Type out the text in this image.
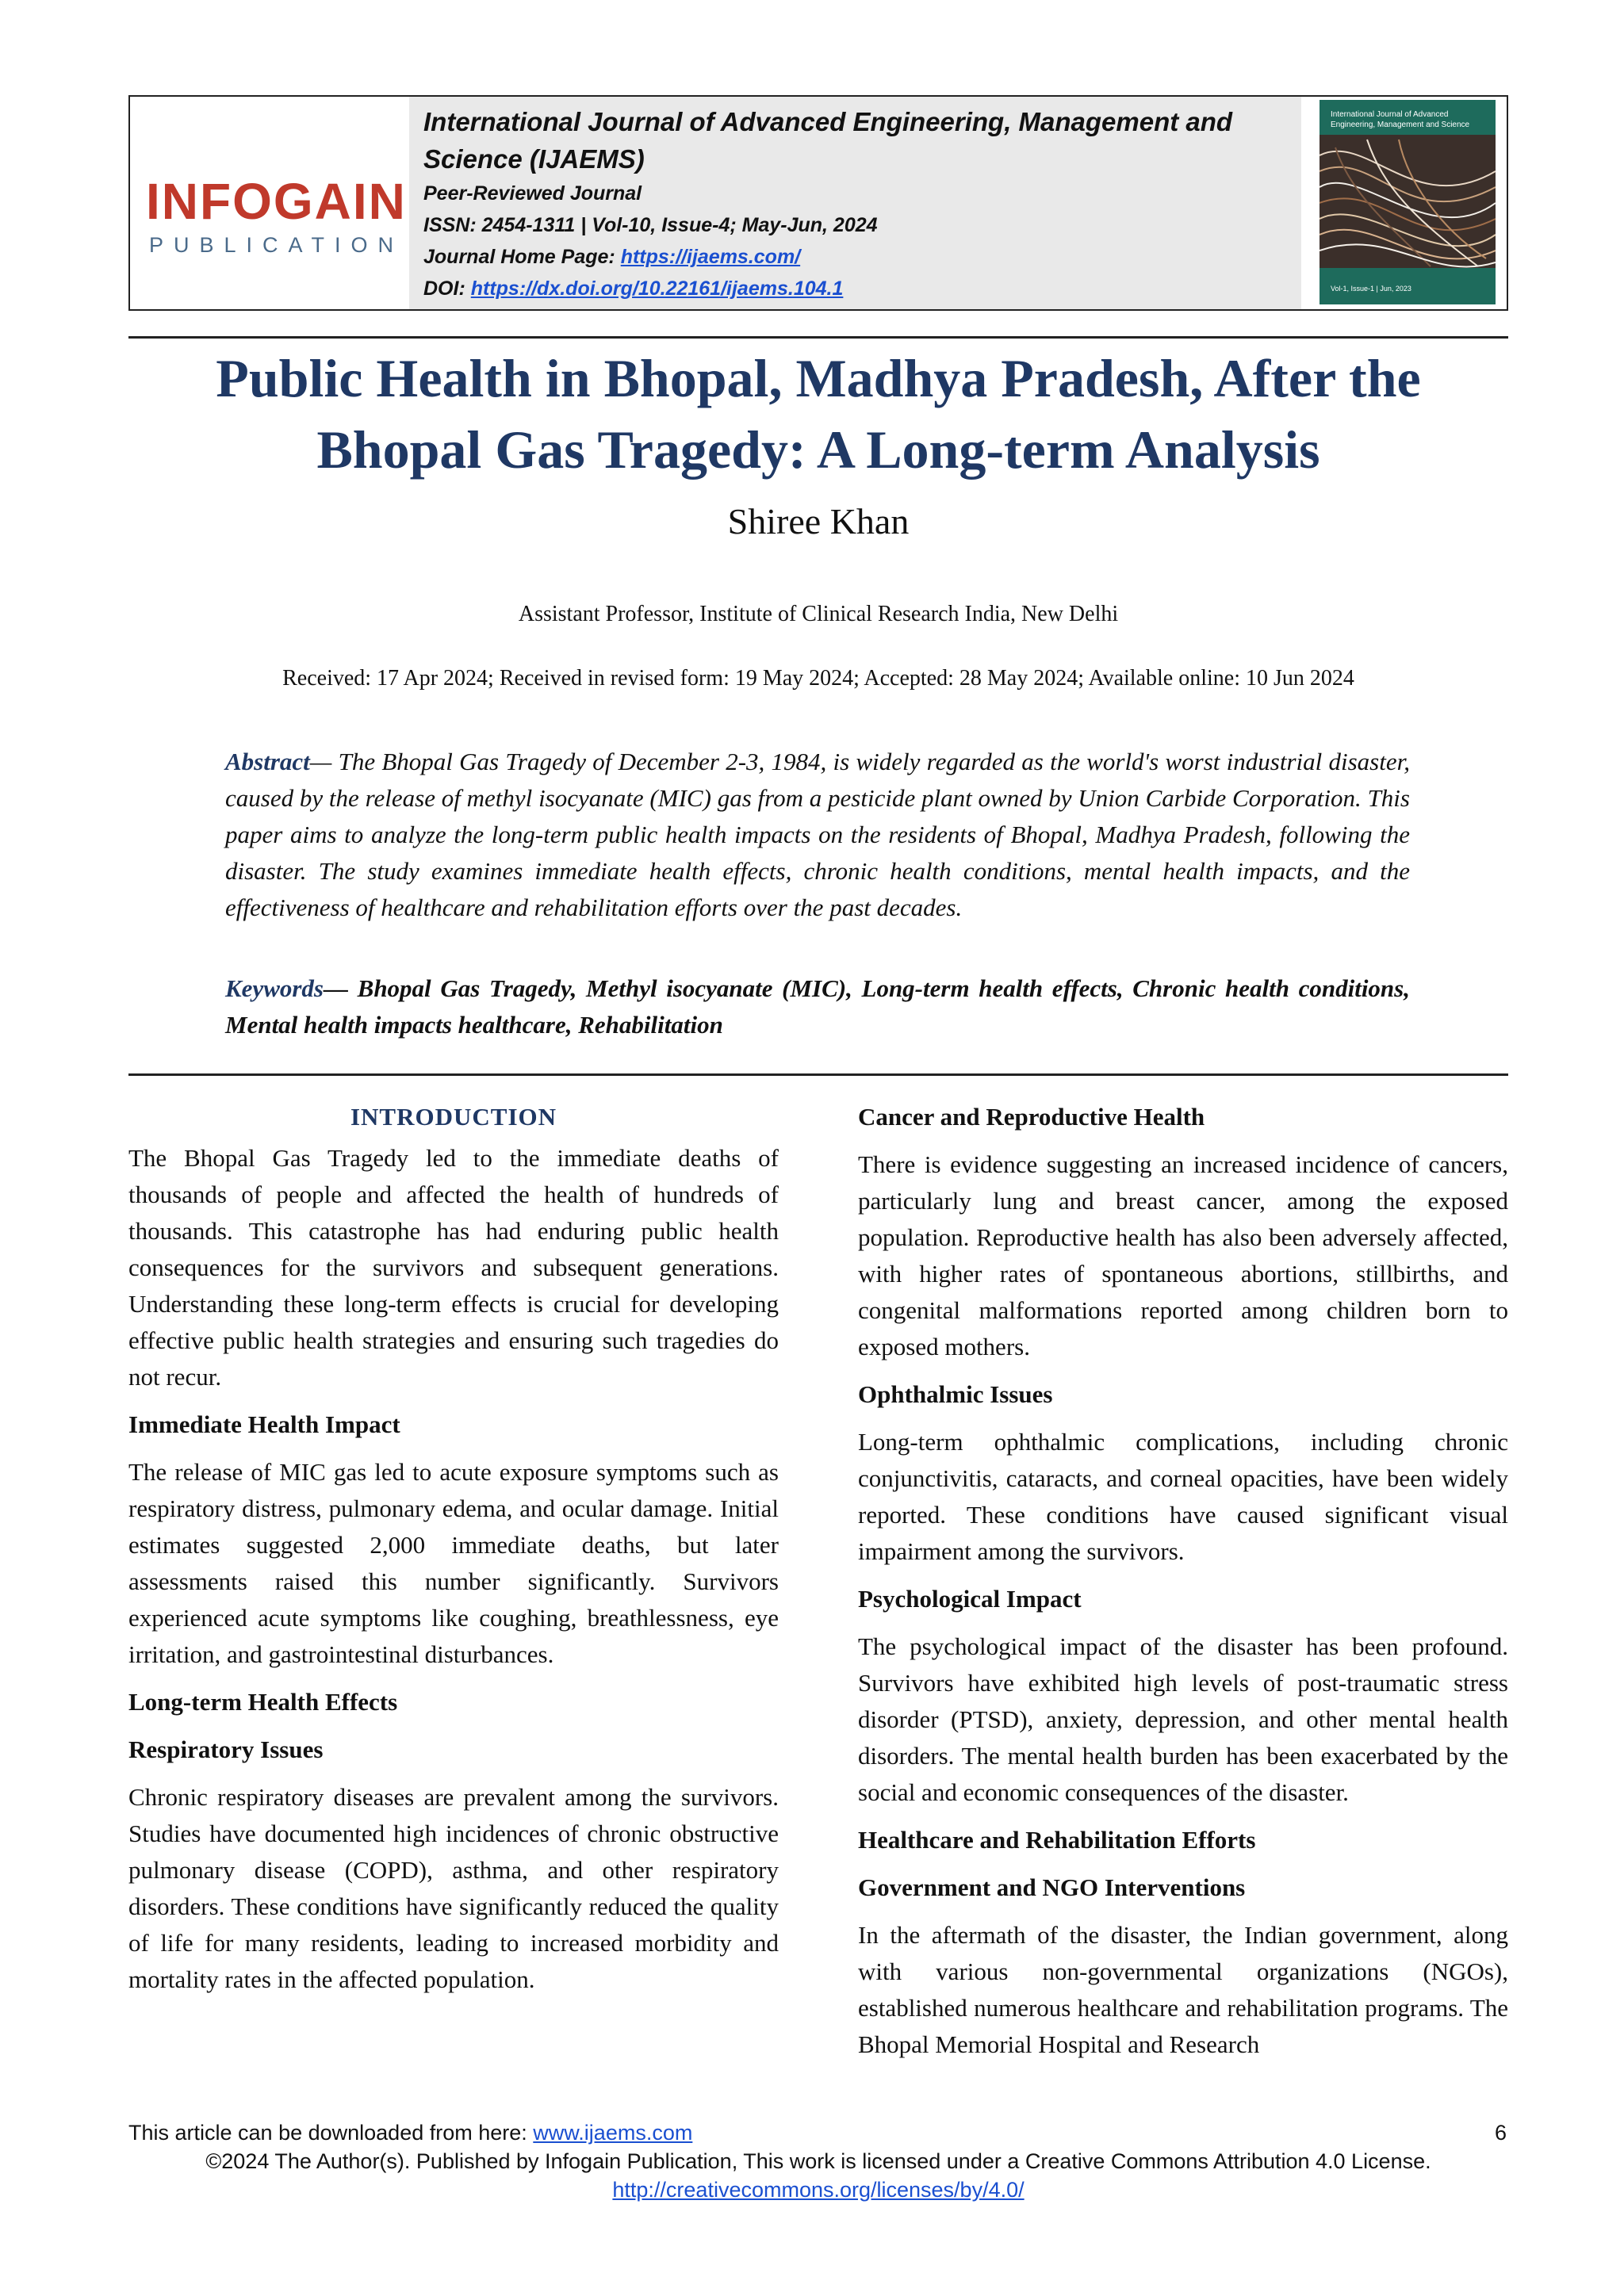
INFOGAIN
PUBLICATION
International Journal of Advanced Engineering, Management and Science (IJAEMS)
Peer-Reviewed Journal
ISSN: 2454-1311 | Vol-10, Issue-4; May-Jun, 2024
Journal Home Page: https://ijaems.com/
DOI: https://dx.doi.org/10.22161/ijaems.104.1
International Journal of Advanced Engineering, Management and Science
Vol-1, Issue-1 | Jun, 2023
Public Health in Bhopal, Madhya Pradesh, After the Bhopal Gas Tragedy: A Long-term Analysis
Shiree Khan
Assistant Professor, Institute of Clinical Research India, New Delhi
Received: 17 Apr 2024; Received in revised form: 19 May 2024; Accepted: 28 May 2024; Available online: 10 Jun 2024
Abstract— The Bhopal Gas Tragedy of December 2-3, 1984, is widely regarded as the world's worst industrial disaster, caused by the release of methyl isocyanate (MIC) gas from a pesticide plant owned by Union Carbide Corporation. This paper aims to analyze the long-term public health impacts on the residents of Bhopal, Madhya Pradesh, following the disaster. The study examines immediate health effects, chronic health conditions, mental health impacts, and the effectiveness of healthcare and rehabilitation efforts over the past decades.
Keywords— Bhopal Gas Tragedy, Methyl isocyanate (MIC), Long-term health effects, Chronic health conditions, Mental health impacts healthcare, Rehabilitation
INTRODUCTION

The Bhopal Gas Tragedy led to the immediate deaths of thousands of people and affected the health of hundreds of thousands. This catastrophe has had enduring public health consequences for the survivors and subsequent generations. Understanding these long-term effects is crucial for developing effective public health strategies and ensuring such tragedies do not recur.

Immediate Health Impact

The release of MIC gas led to acute exposure symptoms such as respiratory distress, pulmonary edema, and ocular damage. Initial estimates suggested 2,000 immediate deaths, but later assessments raised this number significantly. Survivors experienced acute symptoms like coughing, breathlessness, eye irritation, and gastrointestinal disturbances.

Long-term Health Effects
Respiratory Issues

Chronic respiratory diseases are prevalent among the survivors. Studies have documented high incidences of chronic obstructive pulmonary disease (COPD), asthma, and other respiratory disorders. These conditions have significantly reduced the quality of life for many residents, leading to increased morbidity and mortality rates in the affected population.

Cancer and Reproductive Health

There is evidence suggesting an increased incidence of cancers, particularly lung and breast cancer, among the exposed population. Reproductive health has also been adversely affected, with higher rates of spontaneous abortions, stillbirths, and congenital malformations reported among children born to exposed mothers.

Ophthalmic Issues

Long-term ophthalmic complications, including chronic conjunctivitis, cataracts, and corneal opacities, have been widely reported. These conditions have caused significant visual impairment among the survivors.

Psychological Impact

The psychological impact of the disaster has been profound. Survivors have exhibited high levels of post-traumatic stress disorder (PTSD), anxiety, depression, and other mental health disorders. The mental health burden has been exacerbated by the social and economic consequences of the disaster.

Healthcare and Rehabilitation Efforts
Government and NGO Interventions

In the aftermath of the disaster, the Indian government, along with various non-governmental organizations (NGOs), established numerous healthcare and rehabilitation programs. The Bhopal Memorial Hospital and Research

This article can be downloaded from here: www.ijaems.com	6
©2024 The Author(s). Published by Infogain Publication, This work is licensed under a Creative Commons Attribution 4.0 License.
http://creativecommons.org/licenses/by/4.0/
